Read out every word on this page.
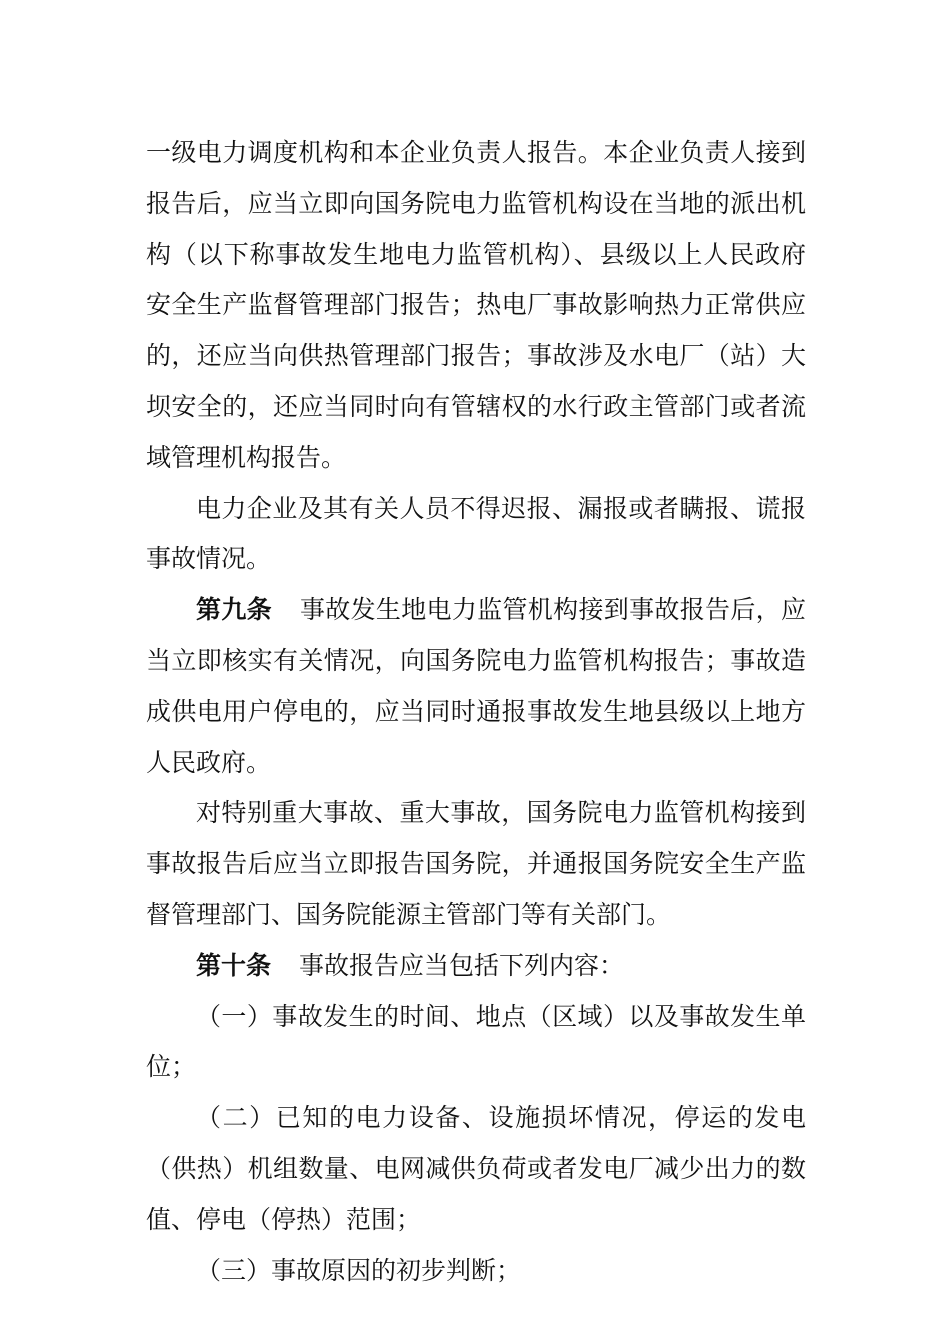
一级电力调度机构和本企业负责人报告。本企业负责人接到报告后，应当立即向国务院电力监管机构设在当地的派出机构（以下称事故发生地电力监管机构）、县级以上人民政府安全生产监督管理部门报告；热电厂事故影响热力正常供应的，还应当向供热管理部门报告；事故涉及水电厂（站）大坝安全的，还应当同时向有管辖权的水行政主管部门或者流域管理机构报告。

电力企业及其有关人员不得迟报、漏报或者瞒报、谎报事故情况。

第九条 事故发生地电力监管机构接到事故报告后，应当立即核实有关情况，向国务院电力监管机构报告；事故造成供电用户停电的，应当同时通报事故发生地县级以上地方人民政府。

对特别重大事故、重大事故，国务院电力监管机构接到事故报告后应当立即报告国务院，并通报国务院安全生产监督管理部门、国务院能源主管部门等有关部门。

第十条 事故报告应当包括下列内容：

（一）事故发生的时间、地点（区域）以及事故发生单位；

（二）已知的电力设备、设施损坏情况，停运的发电（供热）机组数量、电网减供负荷或者发电厂减少出力的数值、停电（停热）范围；

（三）事故原因的初步判断；
